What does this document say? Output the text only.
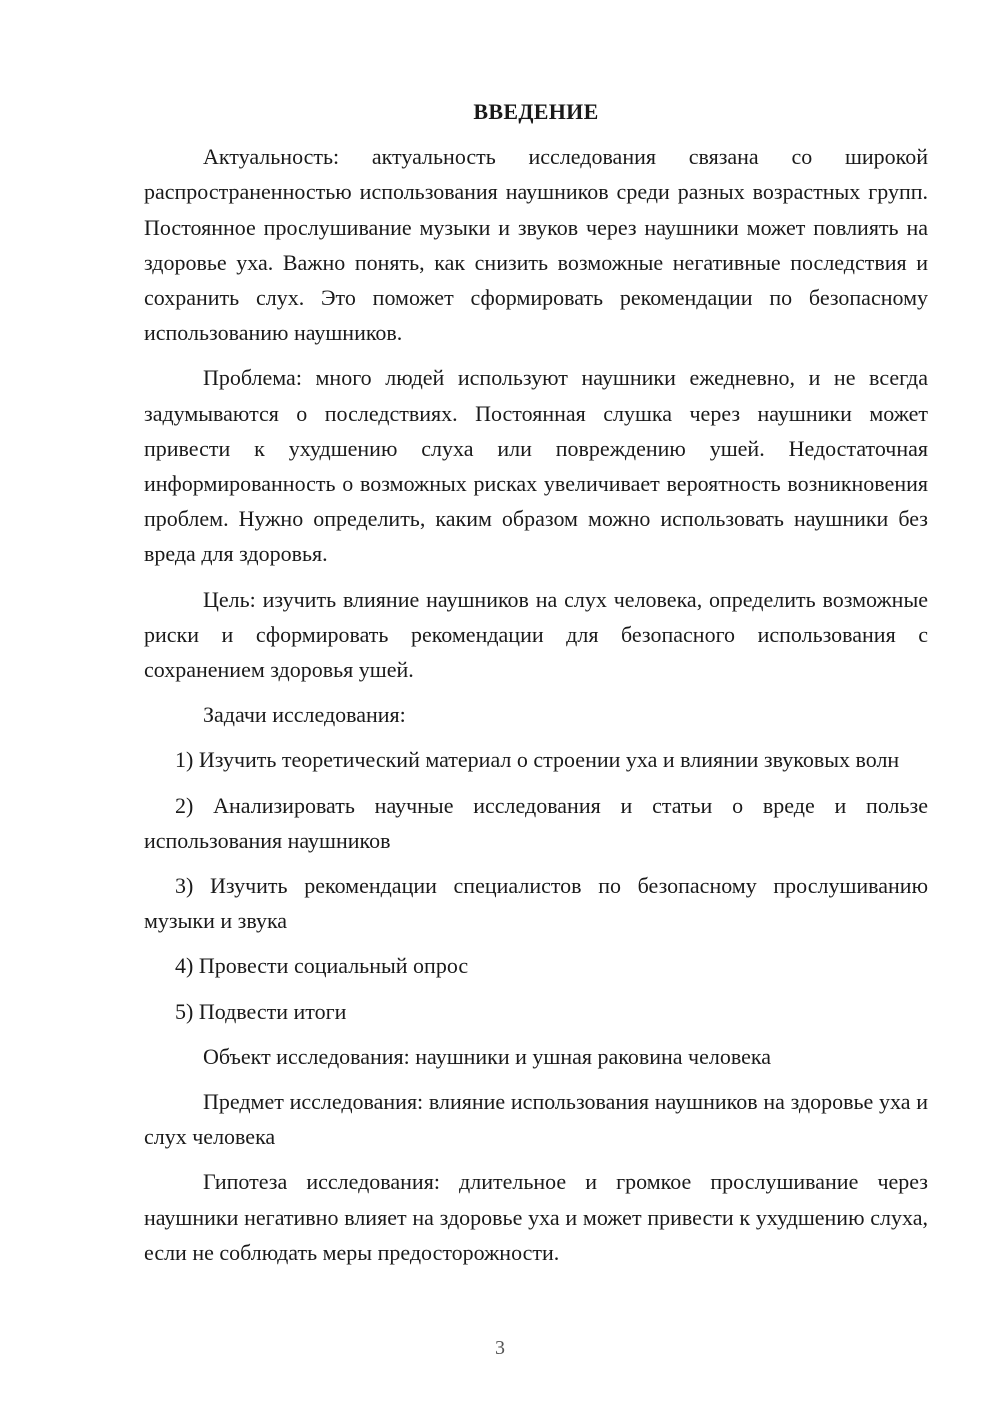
ВВЕДЕНИЕ

Актуальность: актуальность исследования связана со широкой распространенностью использования наушников среди разных возрастных групп. Постоянное прослушивание музыки и звуков через наушники может повлиять на здоровье уха. Важно понять, как снизить возможные негативные последствия и сохранить слух. Это поможет сформировать рекомендации по безопасному использованию наушников.

Проблема: много людей используют наушники ежедневно, и не всегда задумываются о последствиях. Постоянная слушка через наушники может привести к ухудшению слуха или повреждению ушей. Недостаточная информированность о возможных рисках увеличивает вероятность возникновения проблем. Нужно определить, каким образом можно использовать наушники без вреда для здоровья.

Цель: изучить влияние наушников на слух человека, определить возможные риски и сформировать рекомендации для безопасного использования с сохранением здоровья ушей.

Задачи исследования:

1) Изучить теоретический материал о строении уха и влиянии звуковых волн

2) Анализировать научные исследования и статьи о вреде и пользе использования наушников

3) Изучить рекомендации специалистов по безопасному прослушиванию музыки и звука

4) Провести социальный опрос

5) Подвести итоги

Объект исследования: наушники и ушная раковина человека

Предмет исследования: влияние использования наушников на здоровье уха и слух человека

Гипотеза исследования: длительное и громкое прослушивание через наушники негативно влияет на здоровье уха и может привести к ухудшению слуха, если не соблюдать меры предосторожности.

3
